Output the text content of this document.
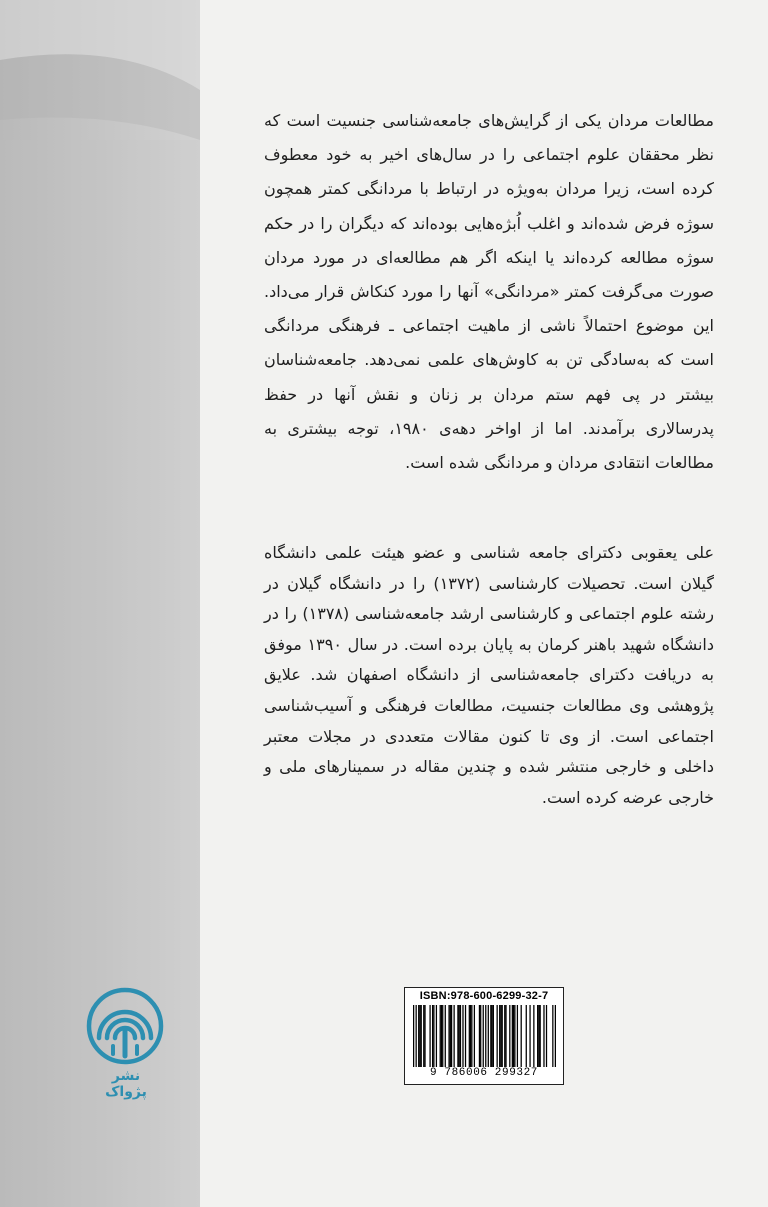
مطالعات مردان یکی از گرایش‌های جامعه‌شناسی جنسیت است که نظر محققان علوم اجتماعی را در سال‌های اخیر به خود معطوف کرده است، زیرا مردان به‌ویژه در ارتباط با مردانگی کمتر همچون سوژه فرض شده‌اند و اغلب اُبژه‌هایی بوده‌اند که دیگران را در حکم سوژه مطالعه کرده‌اند یا اینکه اگر هم مطالعه‌ای در مورد مردان صورت می‌گرفت کمتر «مردانگی» آنها را مورد کنکاش قرار می‌داد. این موضوع احتمالاً ناشی از ماهیت اجتماعی ـ فرهنگی مردانگی است که به‌سادگی تن به کاوش‌های علمی نمی‌دهد. جامعه‌شناسان بیشتر در پی فهم ستم مردان بر زنان و نقش آنها در حفظ پدرسالاری برآمدند. اما از اواخر دهه‌ی ۱۹۸۰، توجه بیشتری به مطالعات انتقادی مردان و مردانگی شده است.
علی یعقوبی دکترای جامعه شناسی و عضو هیئت علمی دانشگاه گیلان است. تحصیلات کارشناسی (۱۳۷۲) را در دانشگاه گیلان در رشته علوم اجتماعی و کارشناسی ارشد جامعه‌شناسی (۱۳۷۸) را در دانشگاه شهید باهنر کرمان به پایان برده است. در سال ۱۳۹۰ موفق به دریافت دکترای جامعه‌شناسی از دانشگاه اصفهان شد. علایق پژوهشی وی مطالعات جنسیت، مطالعات فرهنگی و آسیب‌شناسی اجتماعی است. از وی تا کنون مقالات متعددی در مجلات معتبر داخلی و خارجی منتشر شده و چندین مقاله در سمینارهای ملی و خارجی عرضه کرده است.
نشر پژواک
ISBN:978-600-6299-32-7
9 786006 299327
